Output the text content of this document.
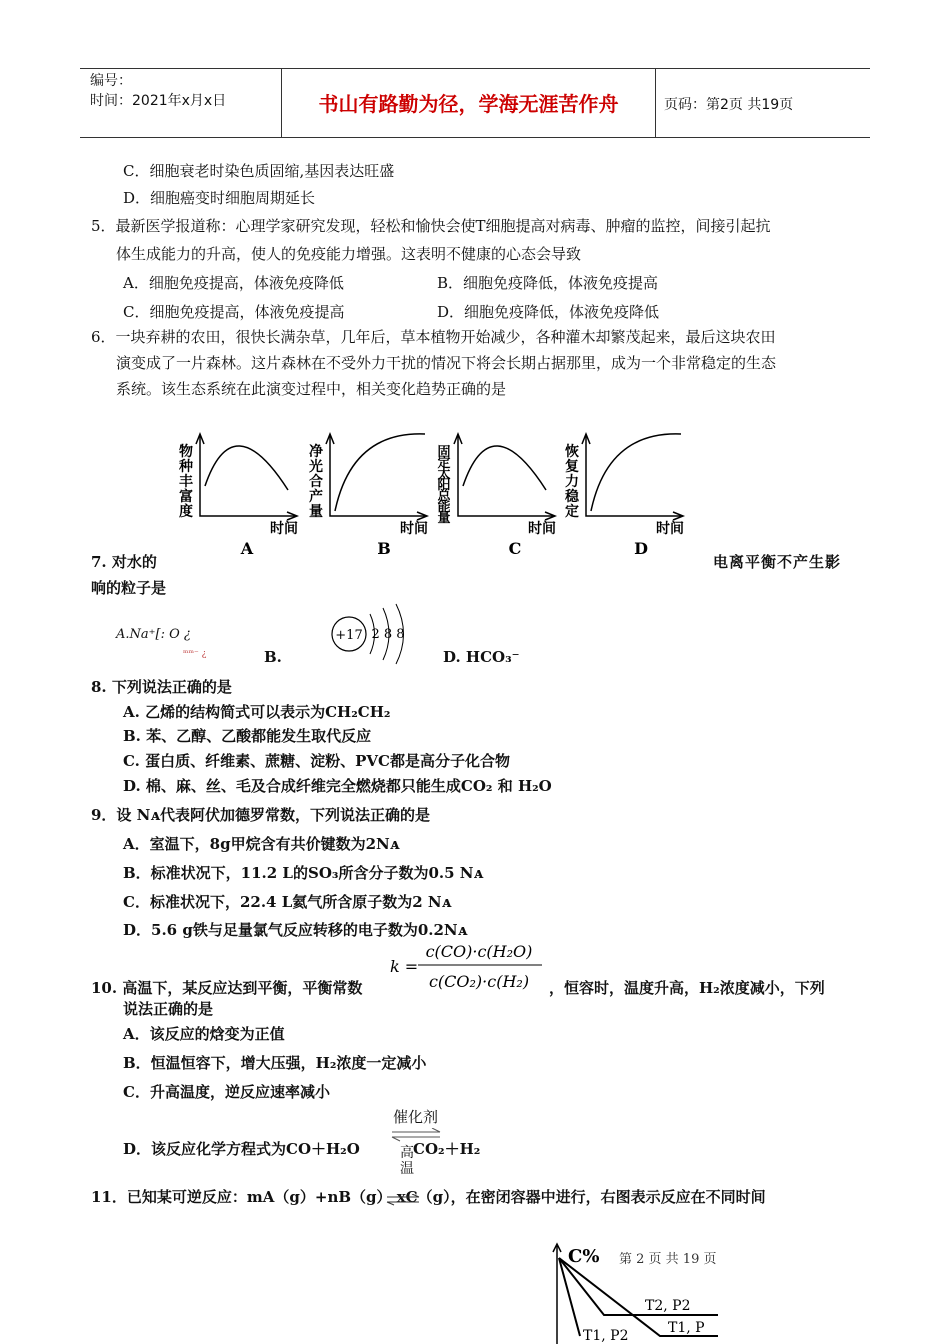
编号：
时间：2021年x月x日	书山有路勤为径，学海无涯苦作舟	页码：第2页 共19页
C．细胞衰老时染色质固缩,基因表达旺盛
D．细胞癌变时细胞周期延长
5．最新医学报道称：心理学家研究发现，轻松和愉快会使T细胞提高对病毒、肿瘤的监控，间接引起抗
体生成能力的升高，使人的免疫能力增强。这表明不健康的心态会导致
A．细胞免疫提高，体液免疫降低	B．细胞免疫降低，体液免疫提高
C．细胞免疫提高，体液免疫提高	D．细胞免疫降低，体液免疫降低
6．一块弃耕的农田，很快长满杂草，几年后，草本植物开始减少，各种灌木却繁茂起来，最后这块农田
演变成了一片森林。这片森林在不受外力干扰的情况下将会长期占据那里，成为一个非常稳定的生态
系统。该生态系统在此演变过程中，相关变化趋势正确的是
物
种
丰
富
度
时间
A
净
光
合
产
量
时间
B
固
定
太
阳
总
能
量
时间
C
恢
复
力
稳
定
时间
D
7. 对水的	电离平衡不产生影
响的粒子是
A.Na⁺[: O ¿
ᵐᵐ⁻ ¿	B.
+17 2 8 8
D. HCO₃⁻
8. 下列说法正确的是
A. 乙烯的结构简式可以表示为CH₂CH₂
B. 苯、乙醇、乙酸都能发生取代反应
C. 蛋白质、纤维素、蔗糖、淀粉、PVC都是高分子化合物
D. 棉、麻、丝、毛及合成纤维完全燃烧都只能生成CO₂ 和 H₂O
9．设 Nᴀ代表阿伏加德罗常数，下列说法正确的是
A．室温下，8g甲烷含有共价键数为2Nᴀ
B．标准状况下，11.2 L的SO₃所含分子数为0.5 Nᴀ
C．标准状况下，22.4 L氦气所含原子数为2 Nᴀ
D．5.6 g铁与足量氯气反应转移的电子数为0.2Nᴀ
k =
c(CO)·c(H₂O)
c(CO₂)·c(H₂)
10. 高温下，某反应达到平衡，平衡常数	，恒容时，温度升高，H₂浓度减小，下列
说法正确的是
A．该反应的焓变为正值
B．恒温恒容下，增大压强，H₂浓度一定减小
C．升高温度，逆反应速率减小
催化剂
D．该反应化学方程式为CO＋H₂O	CO₂＋H₂
高温
11．已知某可逆反应：mA（g）+nB（g） xC（g），在密闭容器中进行，右图表示反应在不同时间
C%
T2, P2
T1, P
T1, P2
第 2 页 共 19 页
